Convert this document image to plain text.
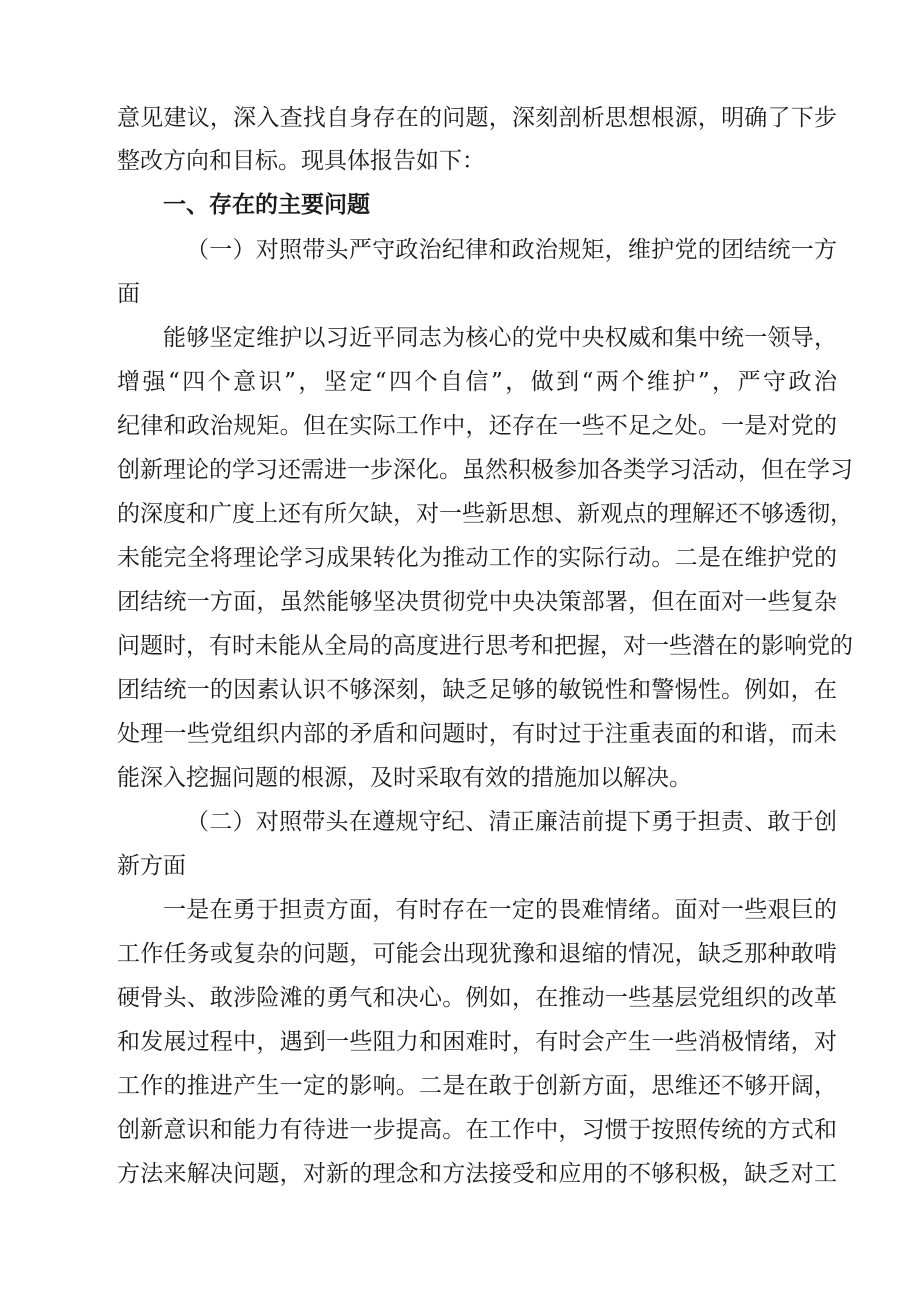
意见建议，深入查找自身存在的问题，深刻剖析思想根源，明确了下步
整改方向和目标。现具体报告如下：
一、存在的主要问题
（一）对照带头严守政治纪律和政治规矩，维护党的团结统一方
面
能够坚定维护以习近平同志为核心的党中央权威和集中统一领导，
增强“四个意识”，坚定“四个自信”，做到“两个维护”，严守政治
纪律和政治规矩。但在实际工作中，还存在一些不足之处。一是对党的
创新理论的学习还需进一步深化。虽然积极参加各类学习活动，但在学习
的深度和广度上还有所欠缺，对一些新思想、新观点的理解还不够透彻，
未能完全将理论学习成果转化为推动工作的实际行动。二是在维护党的
团结统一方面，虽然能够坚决贯彻党中央决策部署，但在面对一些复杂
问题时，有时未能从全局的高度进行思考和把握，对一些潜在的影响党的
团结统一的因素认识不够深刻，缺乏足够的敏锐性和警惕性。例如，在
处理一些党组织内部的矛盾和问题时，有时过于注重表面的和谐，而未
能深入挖掘问题的根源，及时采取有效的措施加以解决。
（二）对照带头在遵规守纪、清正廉洁前提下勇于担责、敢于创
新方面
一是在勇于担责方面，有时存在一定的畏难情绪。面对一些艰巨的
工作任务或复杂的问题，可能会出现犹豫和退缩的情况，缺乏那种敢啃
硬骨头、敢涉险滩的勇气和决心。例如，在推动一些基层党组织的改革
和发展过程中，遇到一些阻力和困难时，有时会产生一些消极情绪，对
工作的推进产生一定的影响。二是在敢于创新方面，思维还不够开阔，
创新意识和能力有待进一步提高。在工作中，习惯于按照传统的方式和
方法来解决问题，对新的理念和方法接受和应用的不够积极，缺乏对工
